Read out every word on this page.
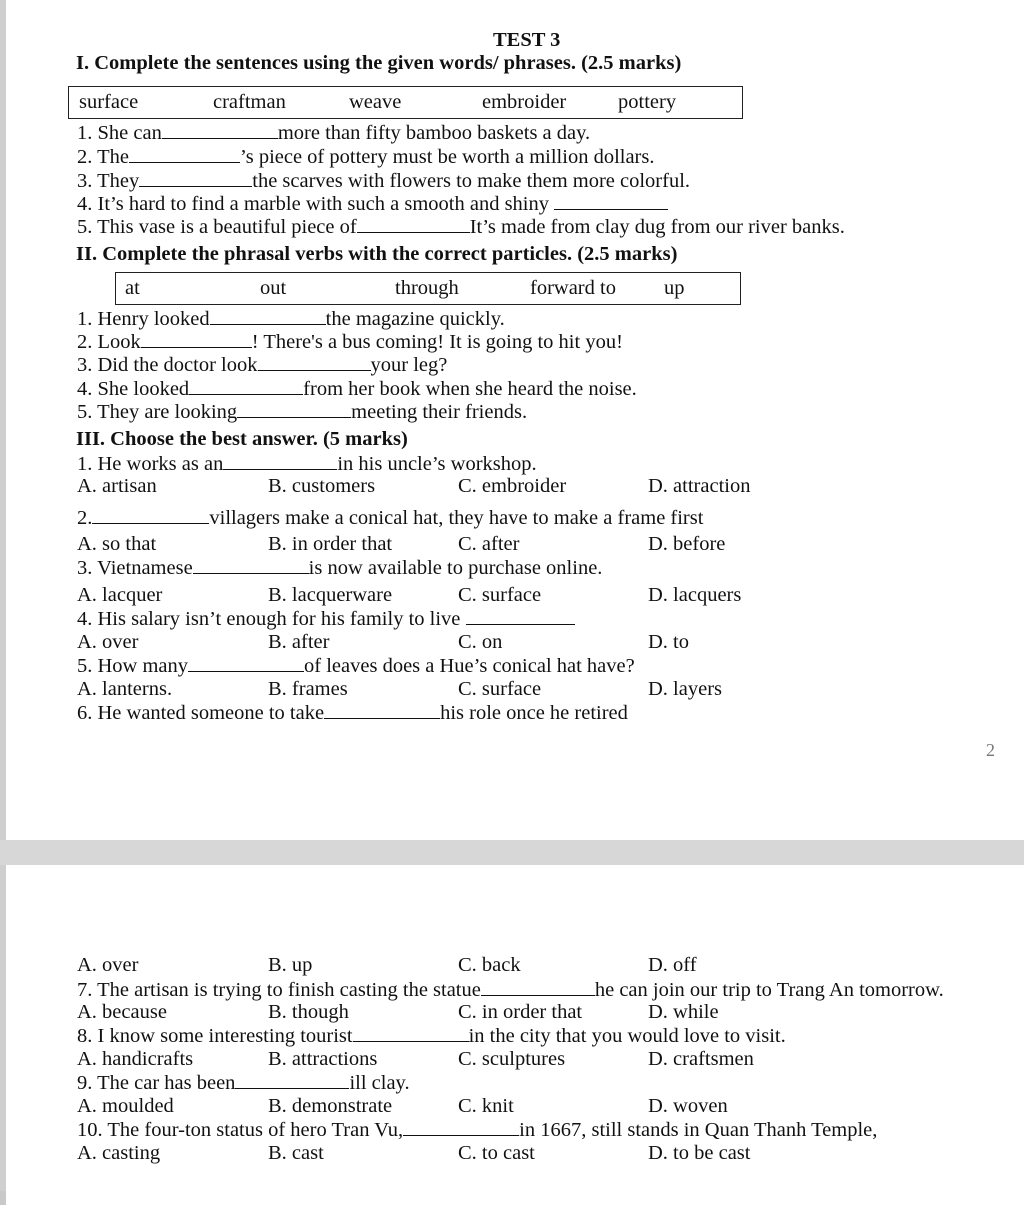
TEST 3
I. Complete the sentences using the given words/ phrases. (2.5 marks)
surface	craftman	weave	embroider	pottery
1. She can	more than fifty bamboo baskets a day.
2. The	’s piece of pottery must be worth a million dollars.
3. They	the scarves with flowers to make them more colorful.
4. It’s hard to find a marble with such a smooth and shiny
5. This vase is a beautiful piece of	It’s made from clay dug from our river banks.
II. Complete the phrasal verbs with the correct particles. (2.5 marks)
at	out	through	forward to up
1. Henry looked	the magazine quickly.
2. Look	! There's a bus coming! It is going to hit you!
3. Did the doctor look	your leg?
4. She looked	from her book when she heard the noise.
5. They are looking	meeting their friends.
III. Choose the best answer. (5 marks)
1. He works as an	in his uncle’s workshop.
A. artisan	B. customers	C. embroider	D. attraction
2.	villagers make a conical hat, they have to make a frame first
A. so that	B. in order that	C. after	D. before
3. Vietnamese	is now available to purchase online.
A. lacquer	B. lacquerware	C. surface	D. lacquers
4. His salary isn’t enough for his family to live
A. over	B. after	C. on	D. to
5. How many	of leaves does a Hue’s conical hat have?
A. lanterns.	B. frames	C. surface	D. layers
6. He wanted someone to take	his role once he retired
2
A. over	B. up	C. back	D. off
7. The artisan is trying to finish casting the statue	he can join our trip to Trang An tomorrow.
A. because	B. though	C. in order that	D. while
8. I know some interesting tourist	in the city that you would love to visit.
A. handicrafts	B. attractions	C. sculptures	D. craftsmen
9. The car has been	ill clay.
A. moulded	B. demonstrate	C. knit	D. woven
10. The four-ton status of hero Tran Vu,	in 1667, still stands in Quan Thanh Temple,
A. casting	B. cast	C. to cast	D. to be cast
